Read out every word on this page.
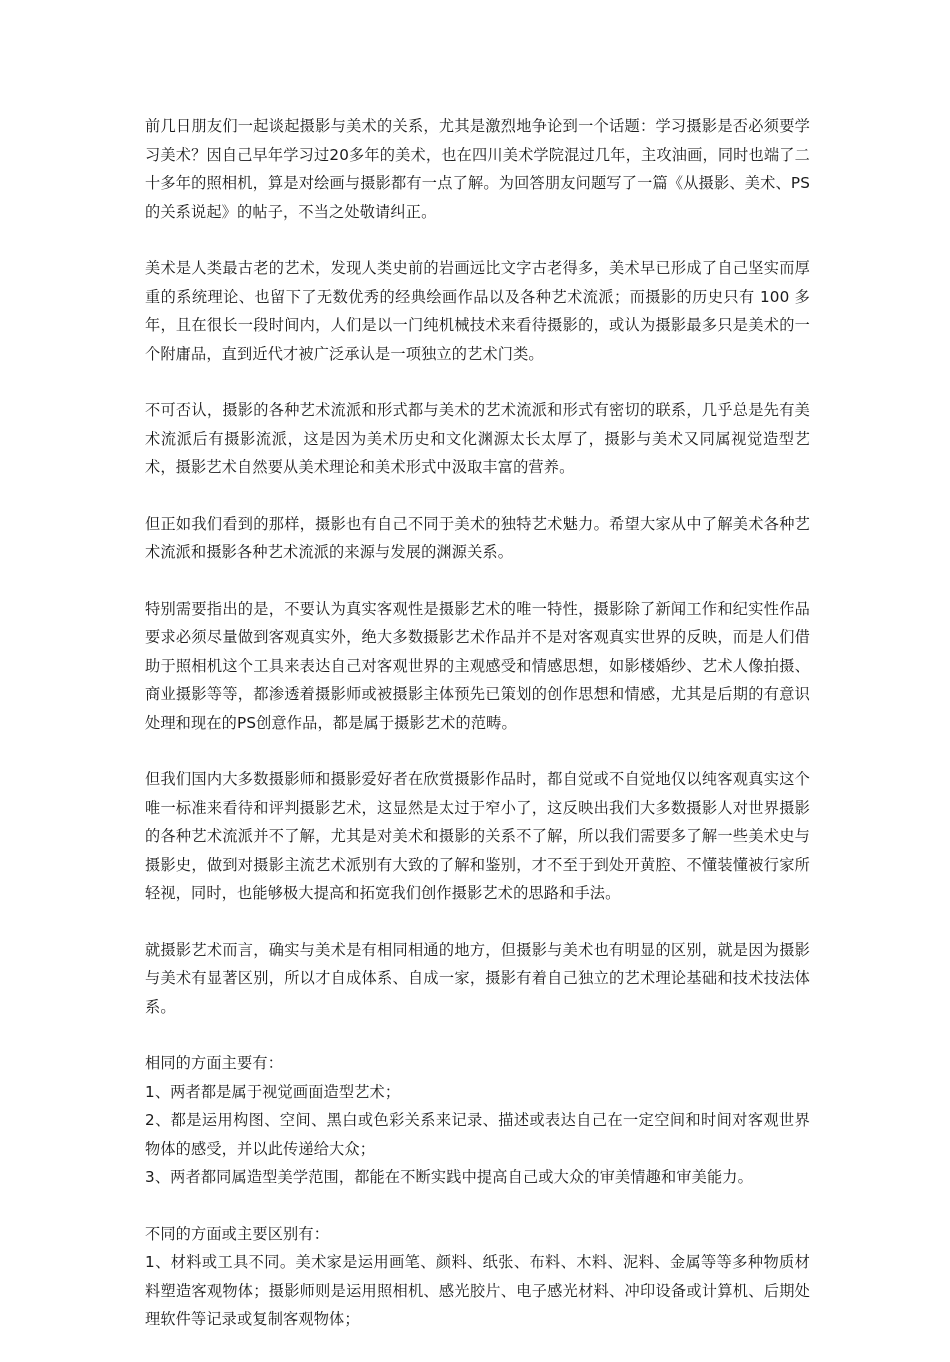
前几日朋友们一起谈起摄影与美术的关系，尤其是激烈地争论到一个话题：学习摄影是否必须要学习美术？因自己早年学习过20多年的美术，也在四川美术学院混过几年，主攻油画，同时也端了二十多年的照相机，算是对绘画与摄影都有一点了解。为回答朋友问题写了一篇《从摄影、美术、PS的关系说起》的帖子，不当之处敬请纠正。

美术是人类最古老的艺术，发现人类史前的岩画远比文字古老得多，美术早已形成了自己坚实而厚重的系统理论、也留下了无数优秀的经典绘画作品以及各种艺术流派；而摄影的历史只有 100 多年，且在很长一段时间内，人们是以一门纯机械技术来看待摄影的，或认为摄影最多只是美术的一个附庸品，直到近代才被广泛承认是一项独立的艺术门类。

不可否认，摄影的各种艺术流派和形式都与美术的艺术流派和形式有密切的联系，几乎总是先有美术流派后有摄影流派，这是因为美术历史和文化渊源太长太厚了，摄影与美术又同属视觉造型艺术，摄影艺术自然要从美术理论和美术形式中汲取丰富的营养。

但正如我们看到的那样，摄影也有自己不同于美术的独特艺术魅力。希望大家从中了解美术各种艺术流派和摄影各种艺术流派的来源与发展的渊源关系。

特别需要指出的是，不要认为真实客观性是摄影艺术的唯一特性，摄影除了新闻工作和纪实性作品要求必须尽量做到客观真实外，绝大多数摄影艺术作品并不是对客观真实世界的反映，而是人们借助于照相机这个工具来表达自己对客观世界的主观感受和情感思想，如影楼婚纱、艺术人像拍摄、商业摄影等等，都渗透着摄影师或被摄影主体预先已策划的创作思想和情感，尤其是后期的有意识处理和现在的PS创意作品，都是属于摄影艺术的范畴。

但我们国内大多数摄影师和摄影爱好者在欣赏摄影作品时，都自觉或不自觉地仅以纯客观真实这个唯一标准来看待和评判摄影艺术，这显然是太过于窄小了，这反映出我们大多数摄影人对世界摄影的各种艺术流派并不了解，尤其是对美术和摄影的关系不了解，所以我们需要多了解一些美术史与摄影史，做到对摄影主流艺术派别有大致的了解和鉴别，才不至于到处开黄腔、不懂装懂被行家所轻视，同时，也能够极大提高和拓宽我们创作摄影艺术的思路和手法。

就摄影艺术而言，确实与美术是有相同相通的地方，但摄影与美术也有明显的区别，就是因为摄影与美术有显著区别，所以才自成体系、自成一家，摄影有着自己独立的艺术理论基础和技术技法体系。

相同的方面主要有：

1、两者都是属于视觉画面造型艺术；

2、都是运用构图、空间、黑白或色彩关系来记录、描述或表达自己在一定空间和时间对客观世界物体的感受，并以此传递给大众；

3、两者都同属造型美学范围，都能在不断实践中提高自己或大众的审美情趣和审美能力。

不同的方面或主要区别有：

1、材料或工具不同。美术家是运用画笔、颜料、纸张、布料、木料、泥料、金属等等多种物质材料塑造客观物体；摄影师则是运用照相机、感光胶片、电子感光材料、冲印设备或计算机、后期处理软件等记录或复制客观物体；
